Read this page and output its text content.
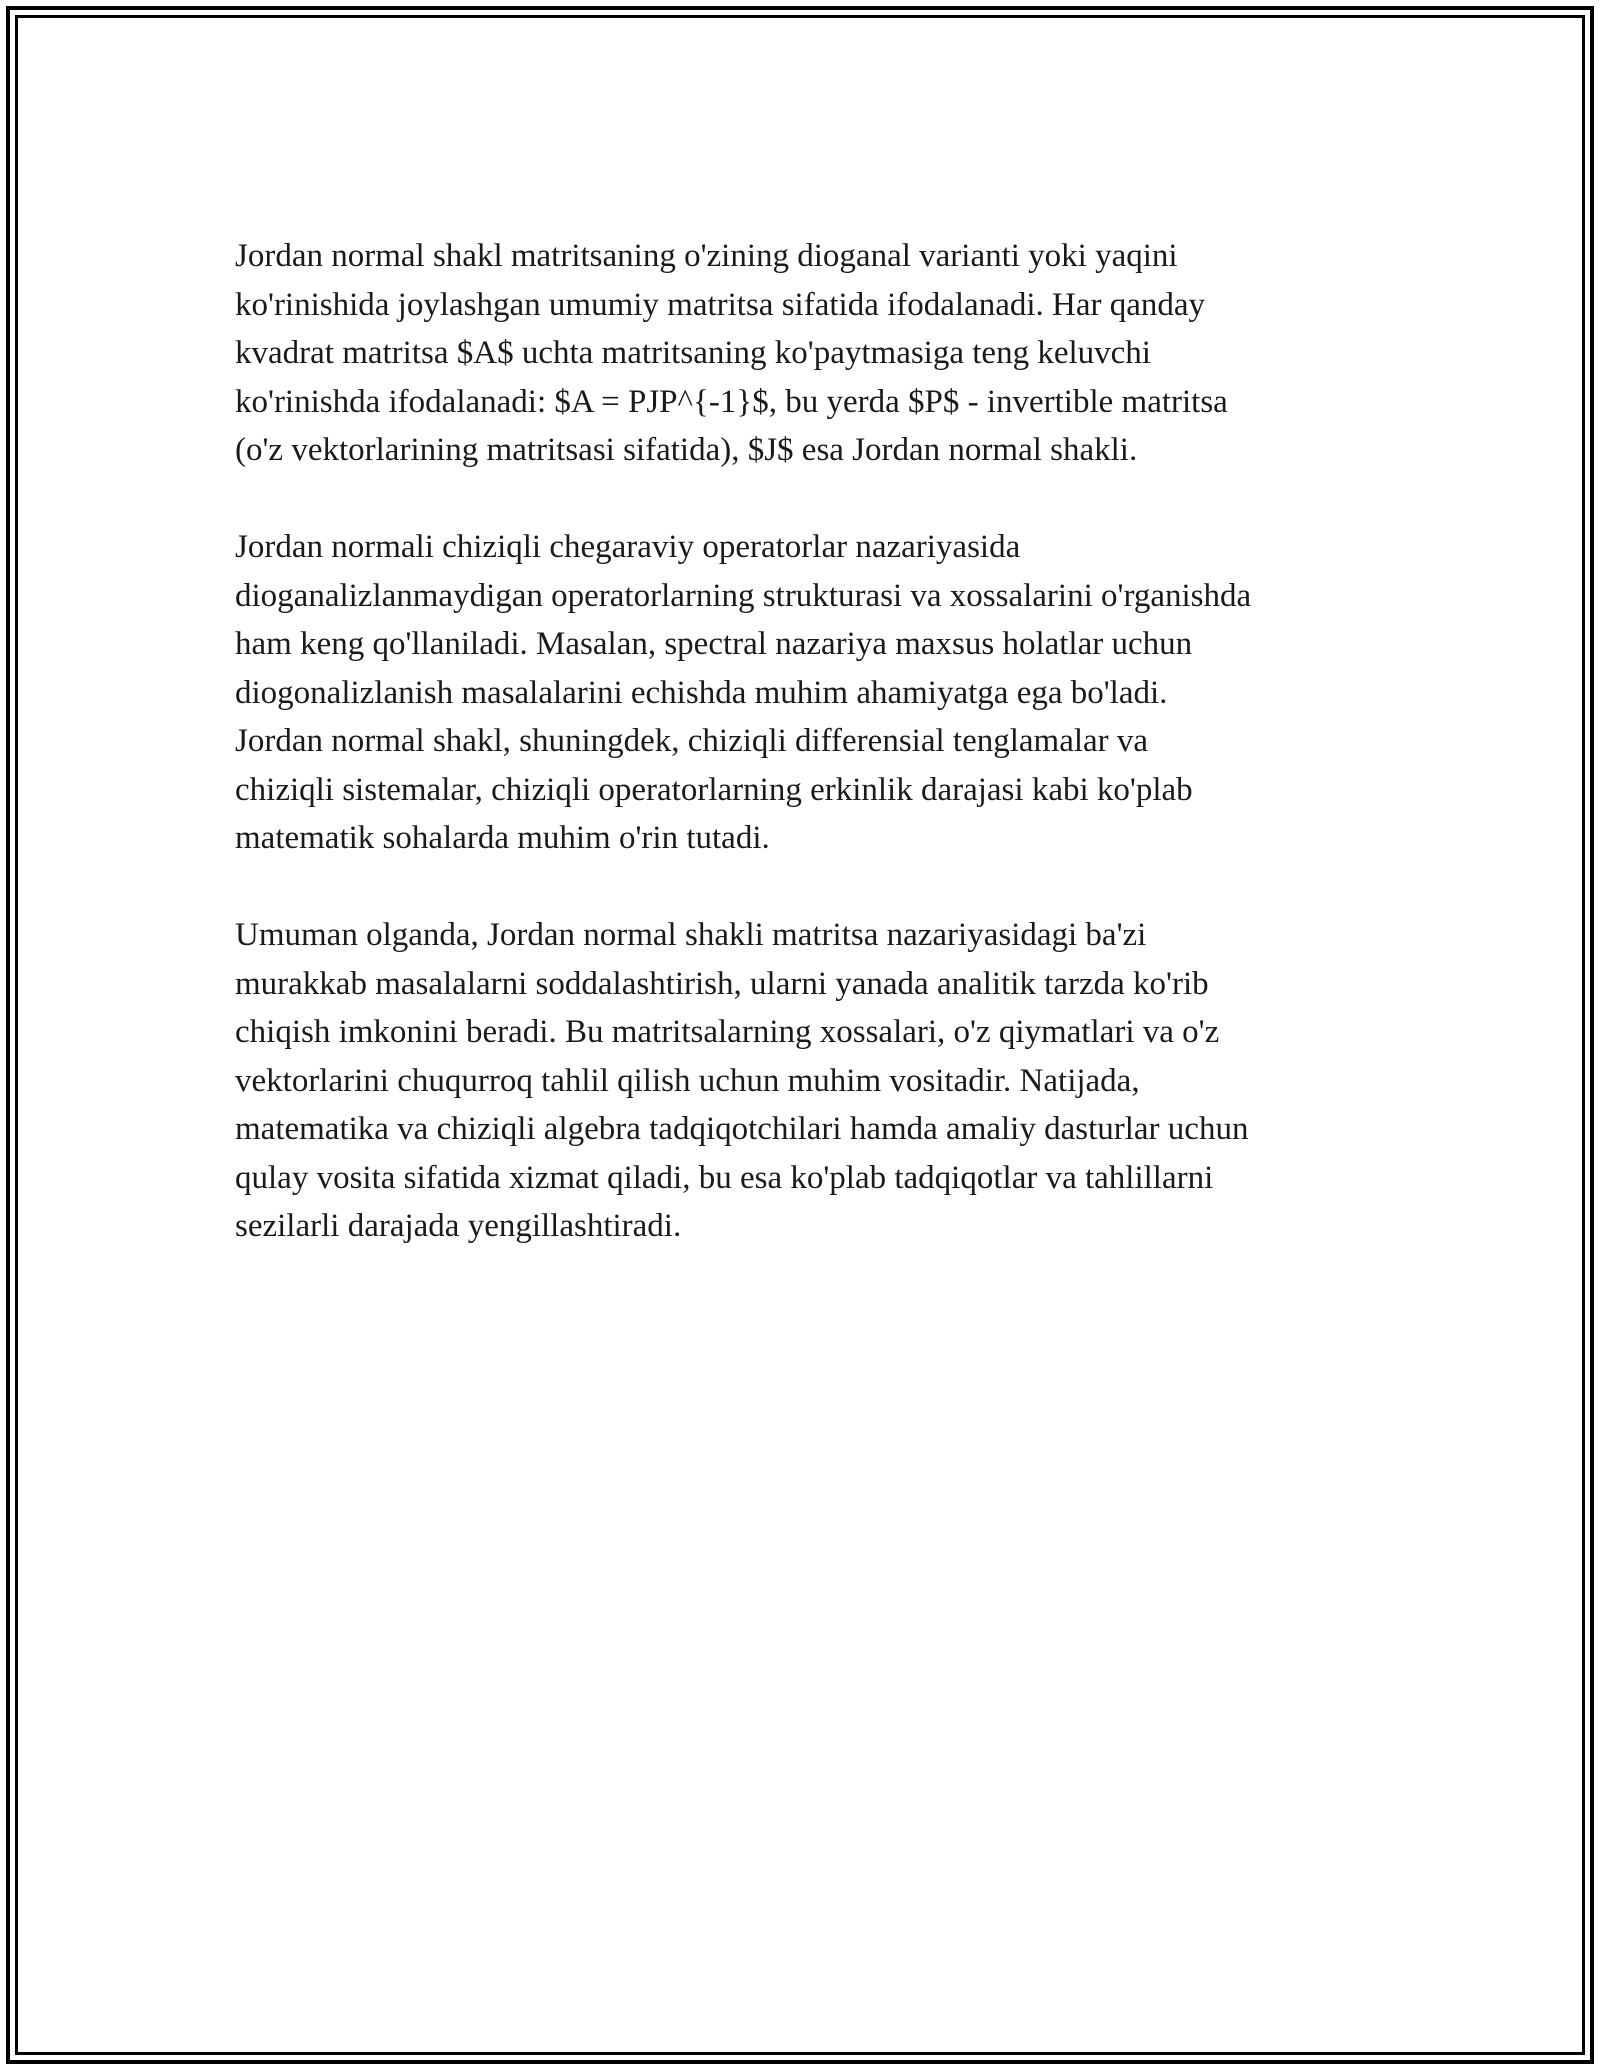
Jordan normal shakl matritsaning o'zining dioganal varianti yoki yaqini
ko'rinishida joylashgan umumiy matritsa sifatida ifodalanadi. Har qanday
kvadrat matritsa $A$ uchta matritsaning ko'paytmasiga teng keluvchi
ko'rinishda ifodalanadi: $A = PJP^{-1}$, bu yerda $P$ - invertible matritsa
(o'z vektorlarining matritsasi sifatida), $J$ esa Jordan normal shakli.

Jordan normali chiziqli chegaraviy operatorlar nazariyasida
dioganalizlanmaydigan operatorlarning strukturasi va xossalarini o'rganishda
ham keng qo'llaniladi. Masalan, spectral nazariya maxsus holatlar uchun
diogonalizlanish masalalarini echishda muhim ahamiyatga ega bo'ladi.
Jordan normal shakl, shuningdek, chiziqli differensial tenglamalar va
chiziqli sistemalar, chiziqli operatorlarning erkinlik darajasi kabi ko'plab
matematik sohalarda muhim o'rin tutadi.

Umuman olganda, Jordan normal shakli matritsa nazariyasidagi ba'zi
murakkab masalalarni soddalashtirish, ularni yanada analitik tarzda ko'rib
chiqish imkonini beradi. Bu matritsalarning xossalari, o'z qiymatlari va o'z
vektorlarini chuqurroq tahlil qilish uchun muhim vositadir. Natijada,
matematika va chiziqli algebra tadqiqotchilari hamda amaliy dasturlar uchun
qulay vosita sifatida xizmat qiladi, bu esa ko'plab tadqiqotlar va tahlillarni
sezilarli darajada yengillashtiradi.
